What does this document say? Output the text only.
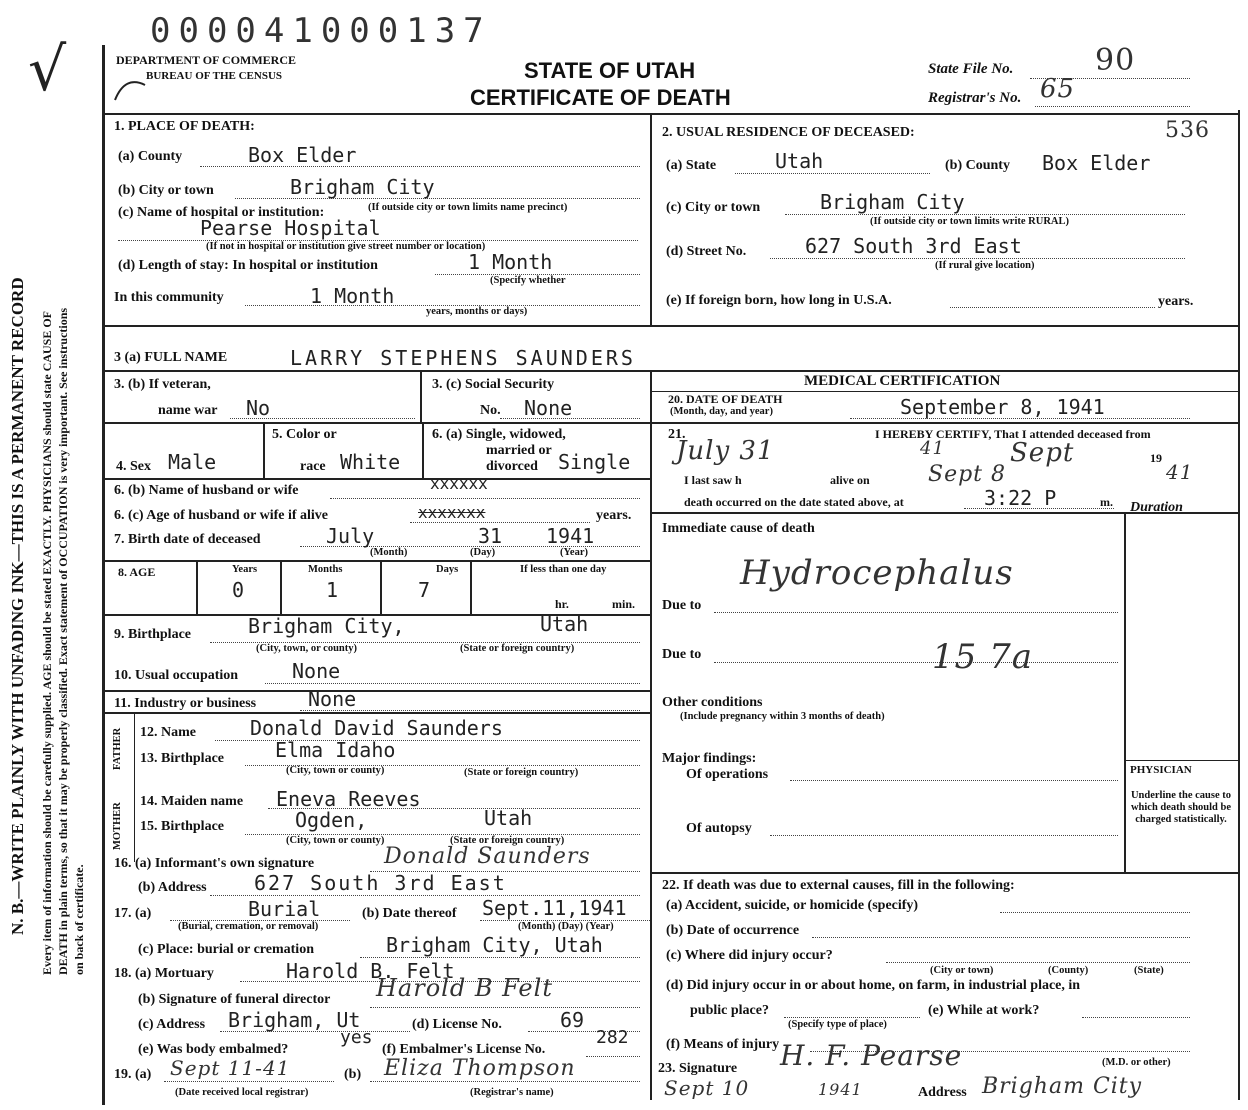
000041000137
√
N. B.—WRITE PLAINLY WITH UNFADING INK—THIS IS A PERMANENT RECORD Every item of information should be carefully supplied. AGE should be stated EXACTLY. PHYSICIANS should state CAUSE OF DEATH in plain terms, so that it may be properly classified. Exact statement of OCCUPATION is very important. See instructions on back of certificate.
DEPARTMENT OF COMMERCE
BUREAU OF THE CENSUS	STATE OF UTAH
CERTIFICATE OF DEATH
State File No.	90
Registrar's No. 65
1. PLACE OF DEATH:
(a) County	Box Elder
(b) City or town	Brigham City
(c) Name of hospital or institution:	(If outside city or town limits name precinct)
Pearse Hospital
(If not in hospital or institution give street number or location)
(d) Length of stay: In hospital or institution	1 Month
(Specify whether
In this community	1 Month
years, months or days)
2. USUAL RESIDENCE OF DECEASED:	536
(a) State	Utah	(b) County Box Elder
(c) City or town	Brigham City
(If outside city or town limits write RURAL)
(d) Street No.	627 South 3rd East
(If rural give location)
(e) If foreign born, how long in U.S.A.	years.
3 (a) FULL NAME	LARRY STEPHENS SAUNDERS
3. (b) If veteran,
name war No
3. (c) Social Security
No. None
4. Sex Male
5. Color or
race White
6. (a) Single, widowed,
married or
divorced Single
6. (b) Name of husband or wife	xxxxxx
6. (c) Age of husband or wife if alive	xxxxxxx	years.
7. Birth date of deceased	July	31 1941
(Month)	(Day)	(Year)
8. AGE	Years	Months	Days	If less than one day
0	1	7
hr.	min.
9. Birthplace	Brigham City,	Utah
(City, town, or county)	(State or foreign country)
10. Usual occupation	None
11. Industry or business	None
FATHER
MOTHER
12. Name	Donald David Saunders
13. Birthplace	Elma Idaho
(City, town or county)	(State or foreign country)
14. Maiden name Eneva Reeves
15. Birthplace	Ogden,	Utah
(City, town or county)	(State or foreign country)
16. (a) Informant's own signature	Donald Saunders
(b) Address 627 South 3rd East
17. (a)	Burial
(Burial, cremation, or removal)
(b) Date thereof Sept.11,1941
(Month) (Day) (Year)
(c) Place: burial or cremation	Brigham City, Utah
18. (a) Mortuary	Harold B. Felt
(b) Signature of funeral director Harold B Felt
(c) Address Brigham, Ut	(d) License No.	69
(e) Was body embalmed?
yes
(f) Embalmer's License No.
282
19. (a) Sept 11-41
(Date received local registrar)
(b) Eliza Thompson
(Registrar's name)
MEDICAL CERTIFICATION
20. DATE OF DEATH
(Month, day, and year)	September 8, 1941
21.	I HEREBY CERTIFY, That I attended deceased from
July 31	41	Sept	19
I last saw h	alive on	Sept 8	41
death occurred on the date stated above, at	3:22 P	m. Duration
Immediate cause of death
Hydrocephalus
Due to
Due to	15 7a
Other conditions
(Include pregnancy within 3 months of death)
Major findings:
Of operations
Of autopsy
PHYSICIAN
Underline the cause to which death should be charged statistically.
22. If death was due to external causes, fill in the following:
(a) Accident, suicide, or homicide (specify)
(b) Date of occurrence
(c) Where did injury occur?
(City or town)	(County)	(State)
(d) Did injury occur in or about home, on farm, in industrial place, in
public place?
(Specify type of place)
(e) While at work?
(f) Means of injury
23. Signature H. F. Pearse	(M.D. or other)
Sept 10	1941	Address Brigham City
